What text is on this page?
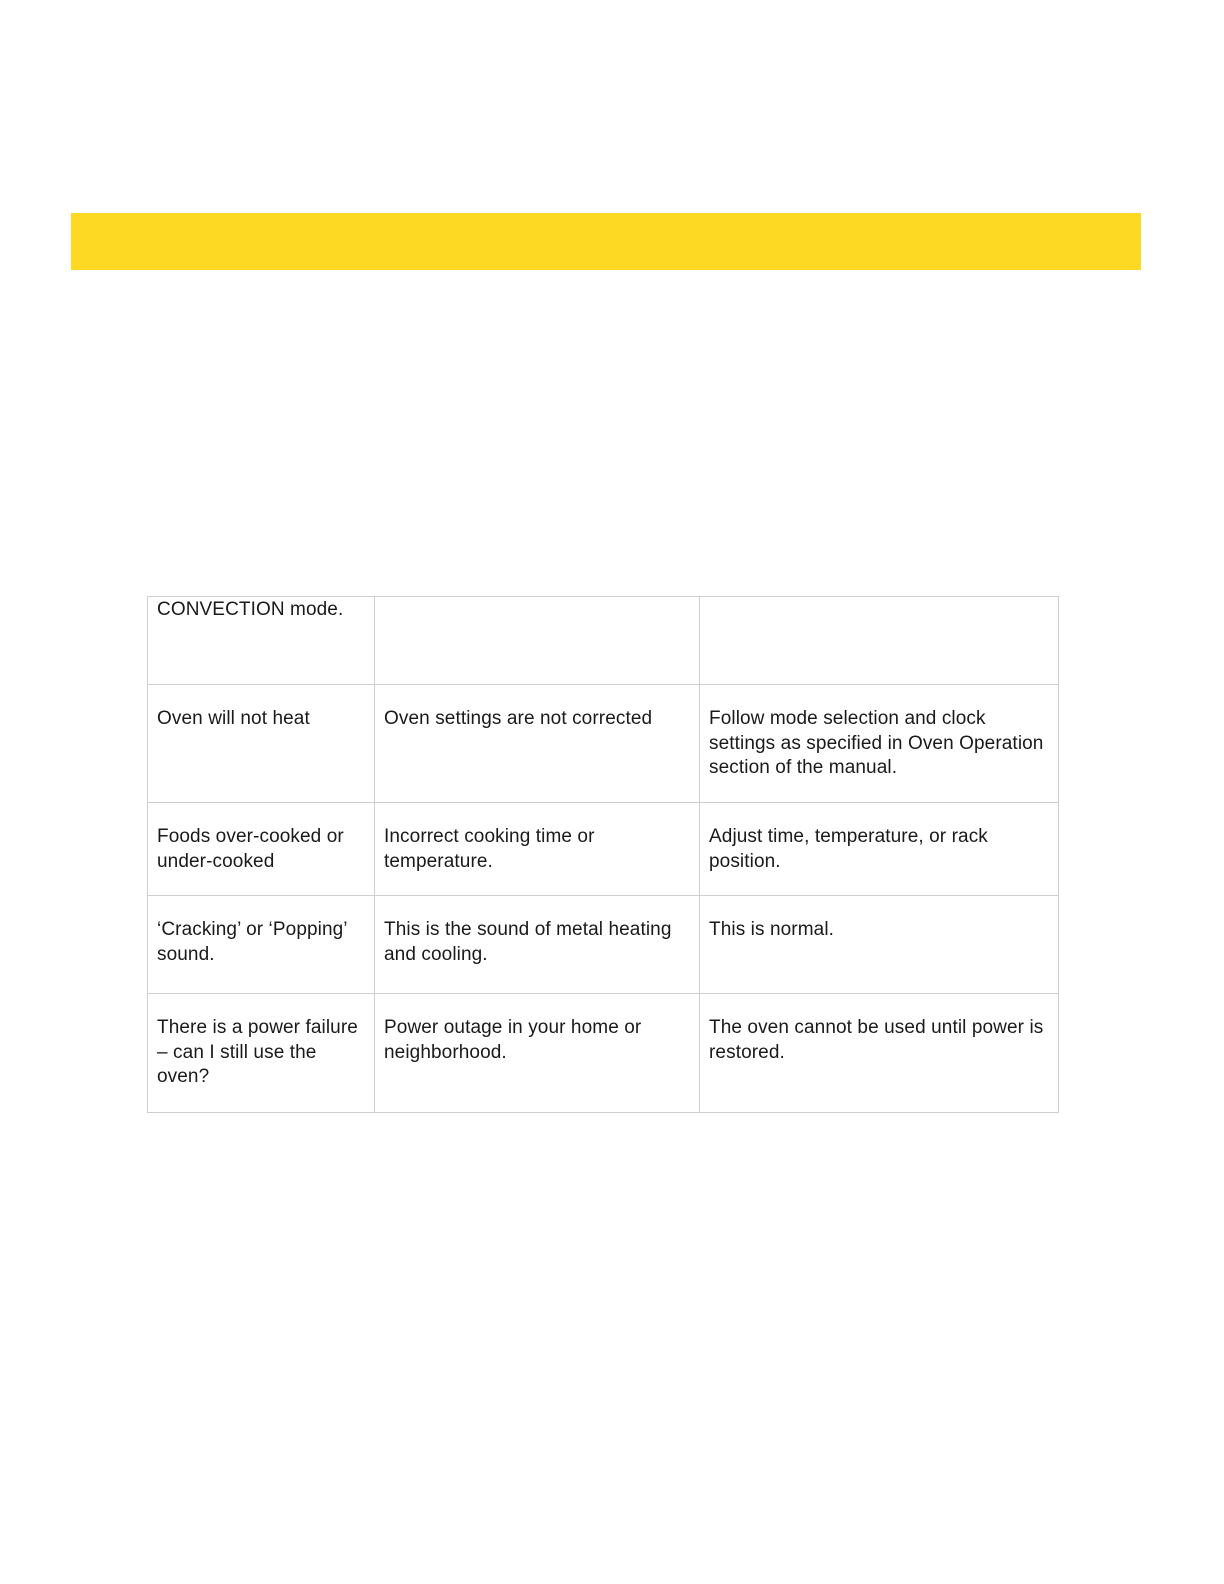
CONVECTION mode.		
Oven will not heat	Oven settings are not corrected	Follow mode selection and clock settings as specified in Oven Operation section of the manual.
Foods over-cooked or under-cooked	Incorrect cooking time or temperature.	Adjust time, temperature, or rack position.
‘Cracking’ or ‘Popping’ sound.	This is the sound of metal heating and cooling.	This is normal.
There is a power failure – can I still use the oven?	Power outage in your home or neighborhood.	The oven cannot be used until power is restored.
